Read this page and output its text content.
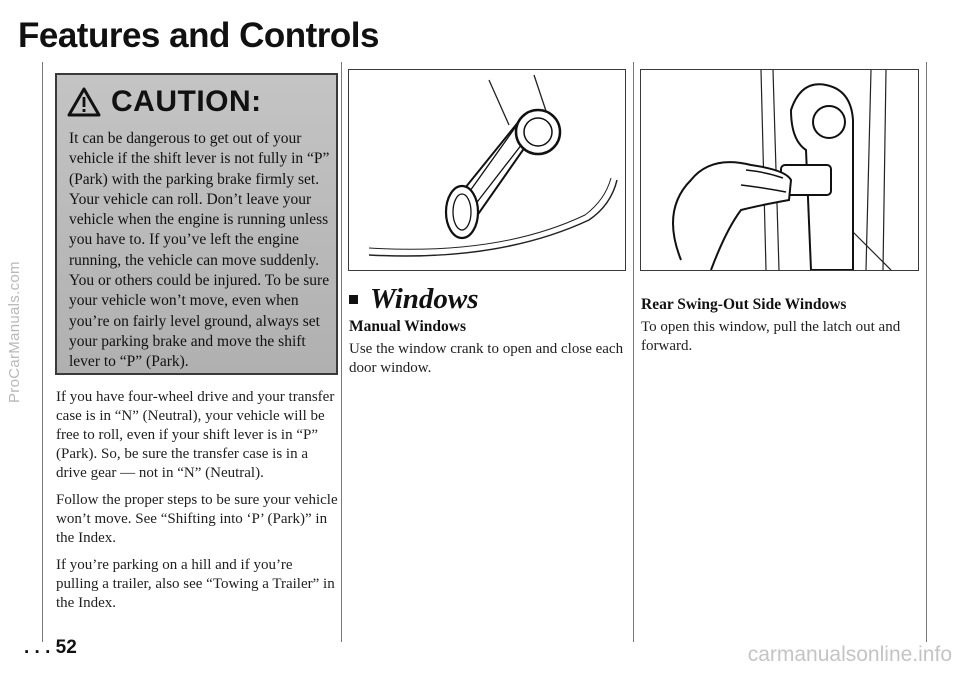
ProCarManuals.com
carmanualsonline.info
Features and Controls
CAUTION:

It can be dangerous to get out of your vehicle if the shift lever is not fully in “P” (Park) with the parking brake firmly set. Your vehicle can roll. Don’t leave your vehicle when the engine is running unless you have to. If you’ve left the engine running, the vehicle can move suddenly. You or others could be injured. To be sure your vehicle won’t move, even when you’re on fairly level ground, always set your parking brake and move the shift lever to “P” (Park).

If you have four-wheel drive and your transfer case is in “N” (Neutral), your vehicle will be free to roll, even if your shift lever is in “P” (Park). So, be sure the transfer case is in a drive gear — not in “N” (Neutral).

Follow the proper steps to be sure your vehicle won’t move. See “Shifting into ‘P’ (Park)” in the Index.

If you’re parking on a hill and if you’re pulling a trailer, also see “Towing a Trailer” in the Index.

Windows
Manual Windows

Use the window crank to open and close each door window.

Rear Swing-Out Side Windows

To open this window, pull the latch out and forward.

. . . 52
